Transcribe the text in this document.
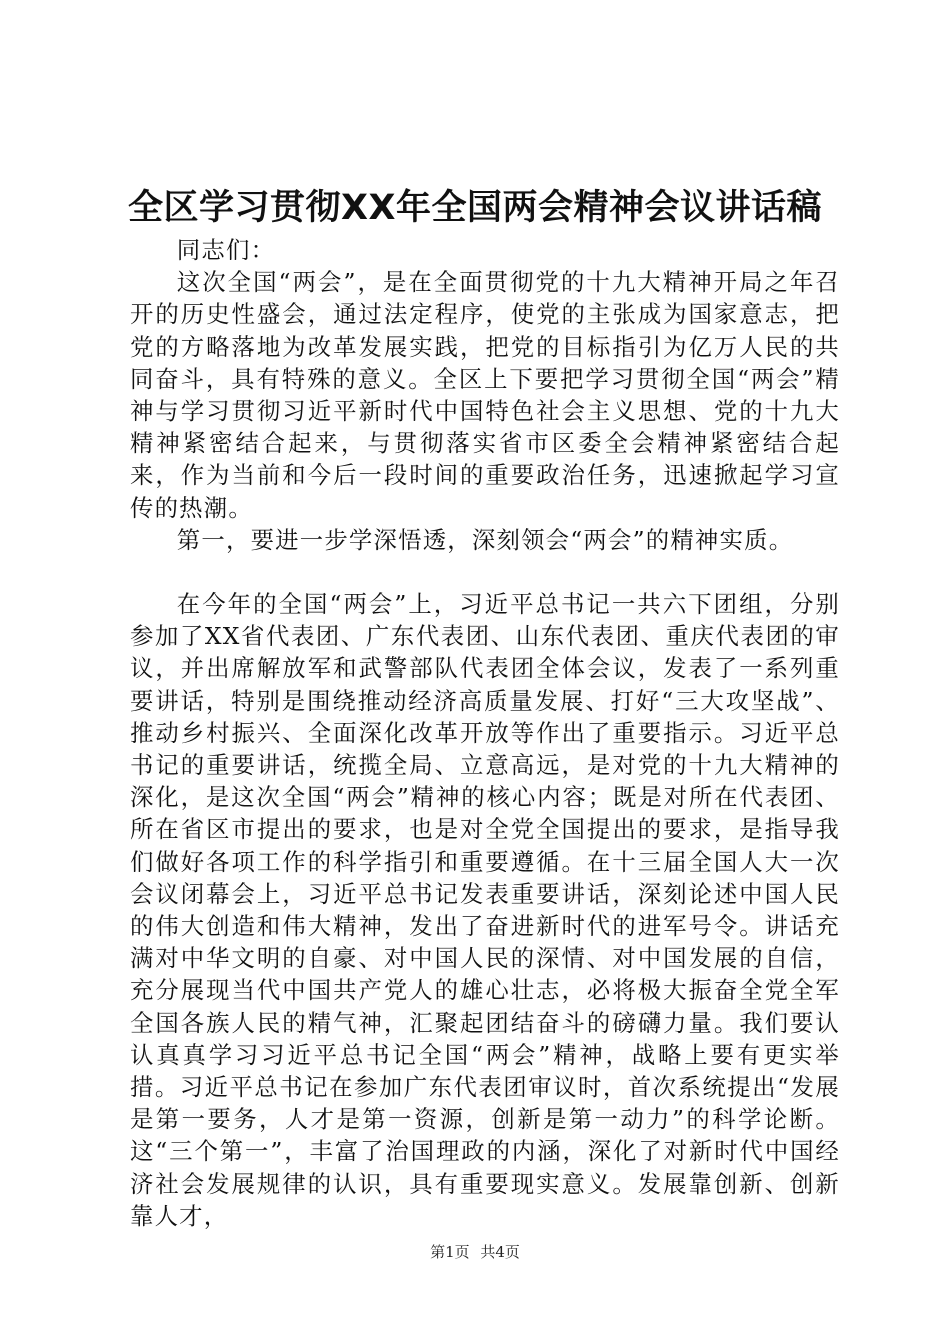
全区学习贯彻XX年全国两会精神会议讲话稿

同志们：

这次全国“两会”，是在全面贯彻党的十九大精神开局之年召开的历史性盛会，通过法定程序，使党的主张成为国家意志，把党的方略落地为改革发展实践，把党的目标指引为亿万人民的共同奋斗，具有特殊的意义。全区上下要把学习贯彻全国“两会”精神与学习贯彻习近平新时代中国特色社会主义思想、党的十九大精神紧密结合起来，与贯彻落实省市区委全会精神紧密结合起来，作为当前和今后一段时间的重要政治任务，迅速掀起学习宣传的热潮。

第一，要进一步学深悟透，深刻领会“两会”的精神实质。

在今年的全国“两会”上，习近平总书记一共六下团组，分别参加了XX省代表团、广东代表团、山东代表团、重庆代表团的审议，并出席解放军和武警部队代表团全体会议，发表了一系列重要讲话，特别是围绕推动经济高质量发展、打好“三大攻坚战”、推动乡村振兴、全面深化改革开放等作出了重要指示。习近平总书记的重要讲话，统揽全局、立意高远，是对党的十九大精神的深化，是这次全国“两会”精神的核心内容；既是对所在代表团、所在省区市提出的要求，也是对全党全国提出的要求，是指导我们做好各项工作的科学指引和重要遵循。在十三届全国人大一次会议闭幕会上，习近平总书记发表重要讲话，深刻论述中国人民的伟大创造和伟大精神，发出了奋进新时代的进军号令。讲话充满对中华文明的自豪、对中国人民的深情、对中国发展的自信，充分展现当代中国共产党人的雄心壮志，必将极大振奋全党全军全国各族人民的精气神，汇聚起团结奋斗的磅礴力量。我们要认认真真学习习近平总书记全国“两会”精神，战略上要有更实举措。习近平总书记在参加广东代表团审议时，首次系统提出“发展是第一要务，人才是第一资源，创新是第一动力”的科学论断。这“三个第一”，丰富了治国理政的内涵，深化了对新时代中国经济社会发展规律的认识，具有重要现实意义。发展靠创新、创新靠人才，

第1页 共4页
